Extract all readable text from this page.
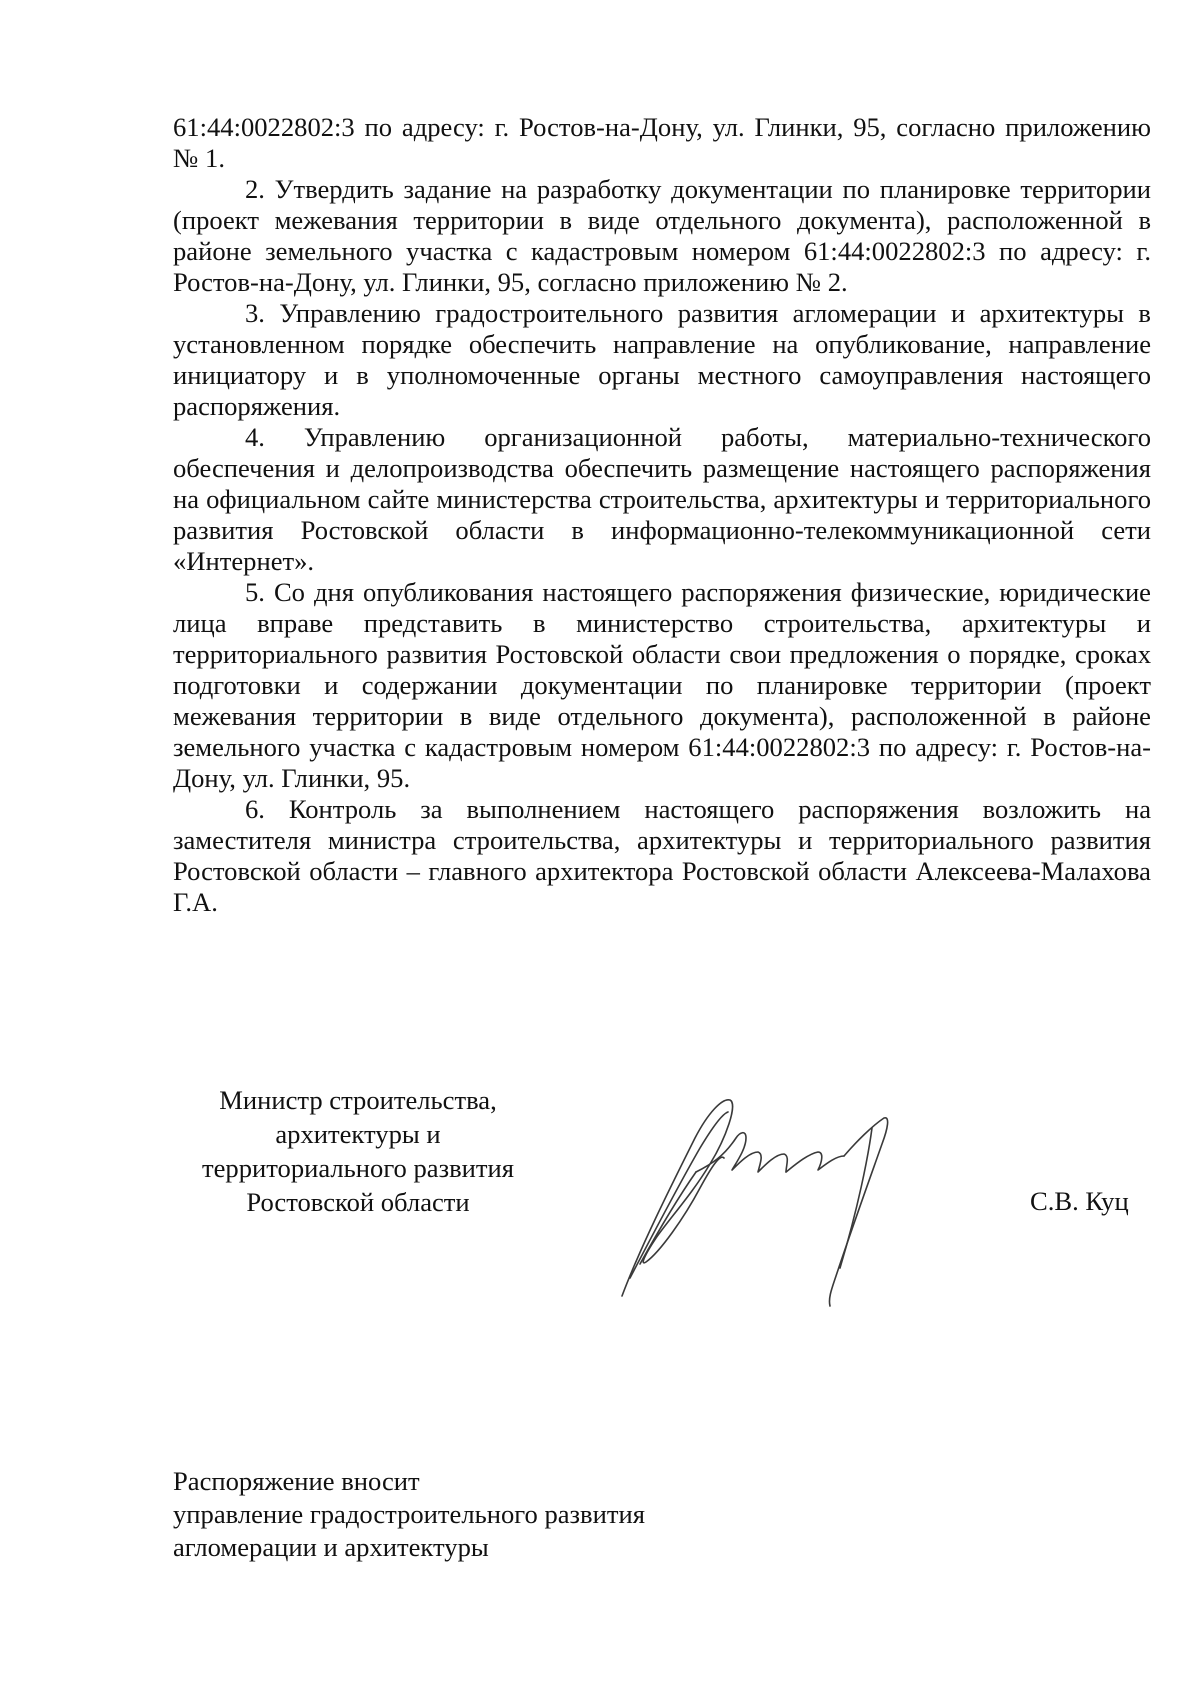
61:44:0022802:3 по адресу: г. Ростов-на-Дону, ул. Глинки, 95, согласно приложению № 1.

2. Утвердить задание на разработку документации по планировке территории (проект межевания территории в виде отдельного документа), расположенной в районе земельного участка с кадастровым номером 61:44:0022802:3 по адресу: г. Ростов-на-Дону, ул. Глинки, 95, согласно приложению № 2.

3. Управлению градостроительного развития агломерации и архитектуры в установленном порядке обеспечить направление на опубликование, направление инициатору и в уполномоченные органы местного самоуправления настоящего распоряжения.

4. Управлению организационной работы, материально-технического обеспечения и делопроизводства обеспечить размещение настоящего распоряжения на официальном сайте министерства строительства, архитектуры и территориального развития Ростовской области в информационно-телекоммуникационной сети «Интернет».

5. Со дня опубликования настоящего распоряжения физические, юридические лица вправе представить в министерство строительства, архитектуры и территориального развития Ростовской области свои предложения о порядке, сроках подготовки и содержании документации по планировке территории (проект межевания территории в виде отдельного документа), расположенной в районе земельного участка с кадастровым номером 61:44:0022802:3 по адресу: г. Ростов-на-Дону, ул. Глинки, 95.

6. Контроль за выполнением настоящего распоряжения возложить на заместителя министра строительства, архитектуры и территориального развития Ростовской области – главного архитектора Ростовской области Алексеева-Малахова Г.А.

Министр строительства,
архитектуры и
территориального развития
Ростовской области	С.В. Куц
Распоряжение вносит
управление градостроительного развития
агломерации и архитектуры
